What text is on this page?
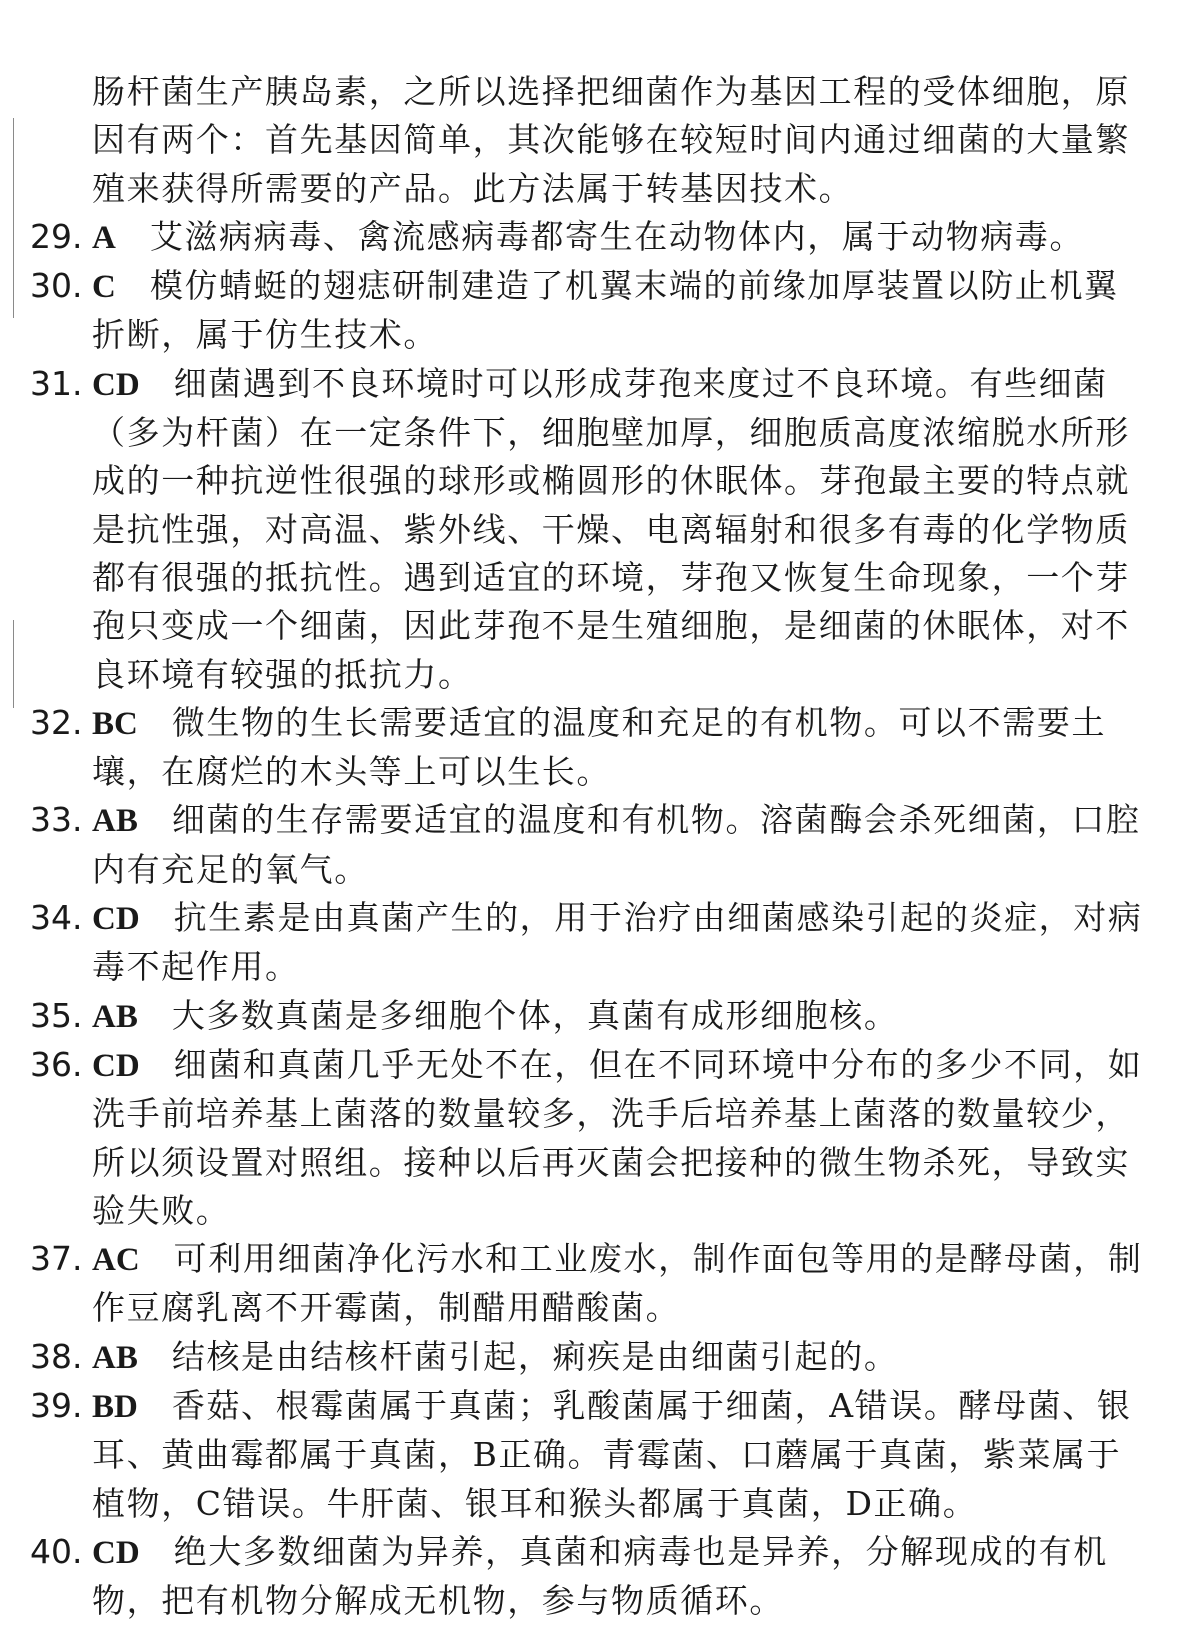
肠杆菌生产胰岛素，之所以选择把细菌作为基因工程的受体细胞，原因有两个：首先基因简单，其次能够在较短时间内通过细菌的大量繁殖来获得所需要的产品。此方法属于转基因技术。

29. A 艾滋病病毒、禽流感病毒都寄生在动物体内，属于动物病毒。

30. C 模仿蜻蜓的翅痣研制建造了机翼末端的前缘加厚装置以防止机翼折断，属于仿生技术。

31. CD 细菌遇到不良环境时可以形成芽孢来度过不良环境。有些细菌（多为杆菌）在一定条件下，细胞壁加厚，细胞质高度浓缩脱水所形成的一种抗逆性很强的球形或椭圆形的休眠体。芽孢最主要的特点就是抗性强，对高温、紫外线、干燥、电离辐射和很多有毒的化学物质都有很强的抵抗性。遇到适宜的环境，芽孢又恢复生命现象，一个芽孢只变成一个细菌，因此芽孢不是生殖细胞，是细菌的休眠体，对不良环境有较强的抵抗力。

32. BC 微生物的生长需要适宜的温度和充足的有机物。可以不需要土壤，在腐烂的木头等上可以生长。

33. AB 细菌的生存需要适宜的温度和有机物。溶菌酶会杀死细菌，口腔内有充足的氧气。

34. CD 抗生素是由真菌产生的，用于治疗由细菌感染引起的炎症，对病毒不起作用。

35. AB 大多数真菌是多细胞个体，真菌有成形细胞核。

36. CD 细菌和真菌几乎无处不在，但在不同环境中分布的多少不同，如洗手前培养基上菌落的数量较多，洗手后培养基上菌落的数量较少，所以须设置对照组。接种以后再灭菌会把接种的微生物杀死，导致实验失败。

37. AC 可利用细菌净化污水和工业废水，制作面包等用的是酵母菌，制作豆腐乳离不开霉菌，制醋用醋酸菌。

38. AB 结核是由结核杆菌引起，痢疾是由细菌引起的。

39. BD 香菇、根霉菌属于真菌；乳酸菌属于细菌，A错误。酵母菌、银耳、黄曲霉都属于真菌，B正确。青霉菌、口蘑属于真菌，紫菜属于植物，C错误。牛肝菌、银耳和猴头都属于真菌，D正确。

40. CD 绝大多数细菌为异养，真菌和病毒也是异养，分解现成的有机物，把有机物分解成无机物，参与物质循环。
